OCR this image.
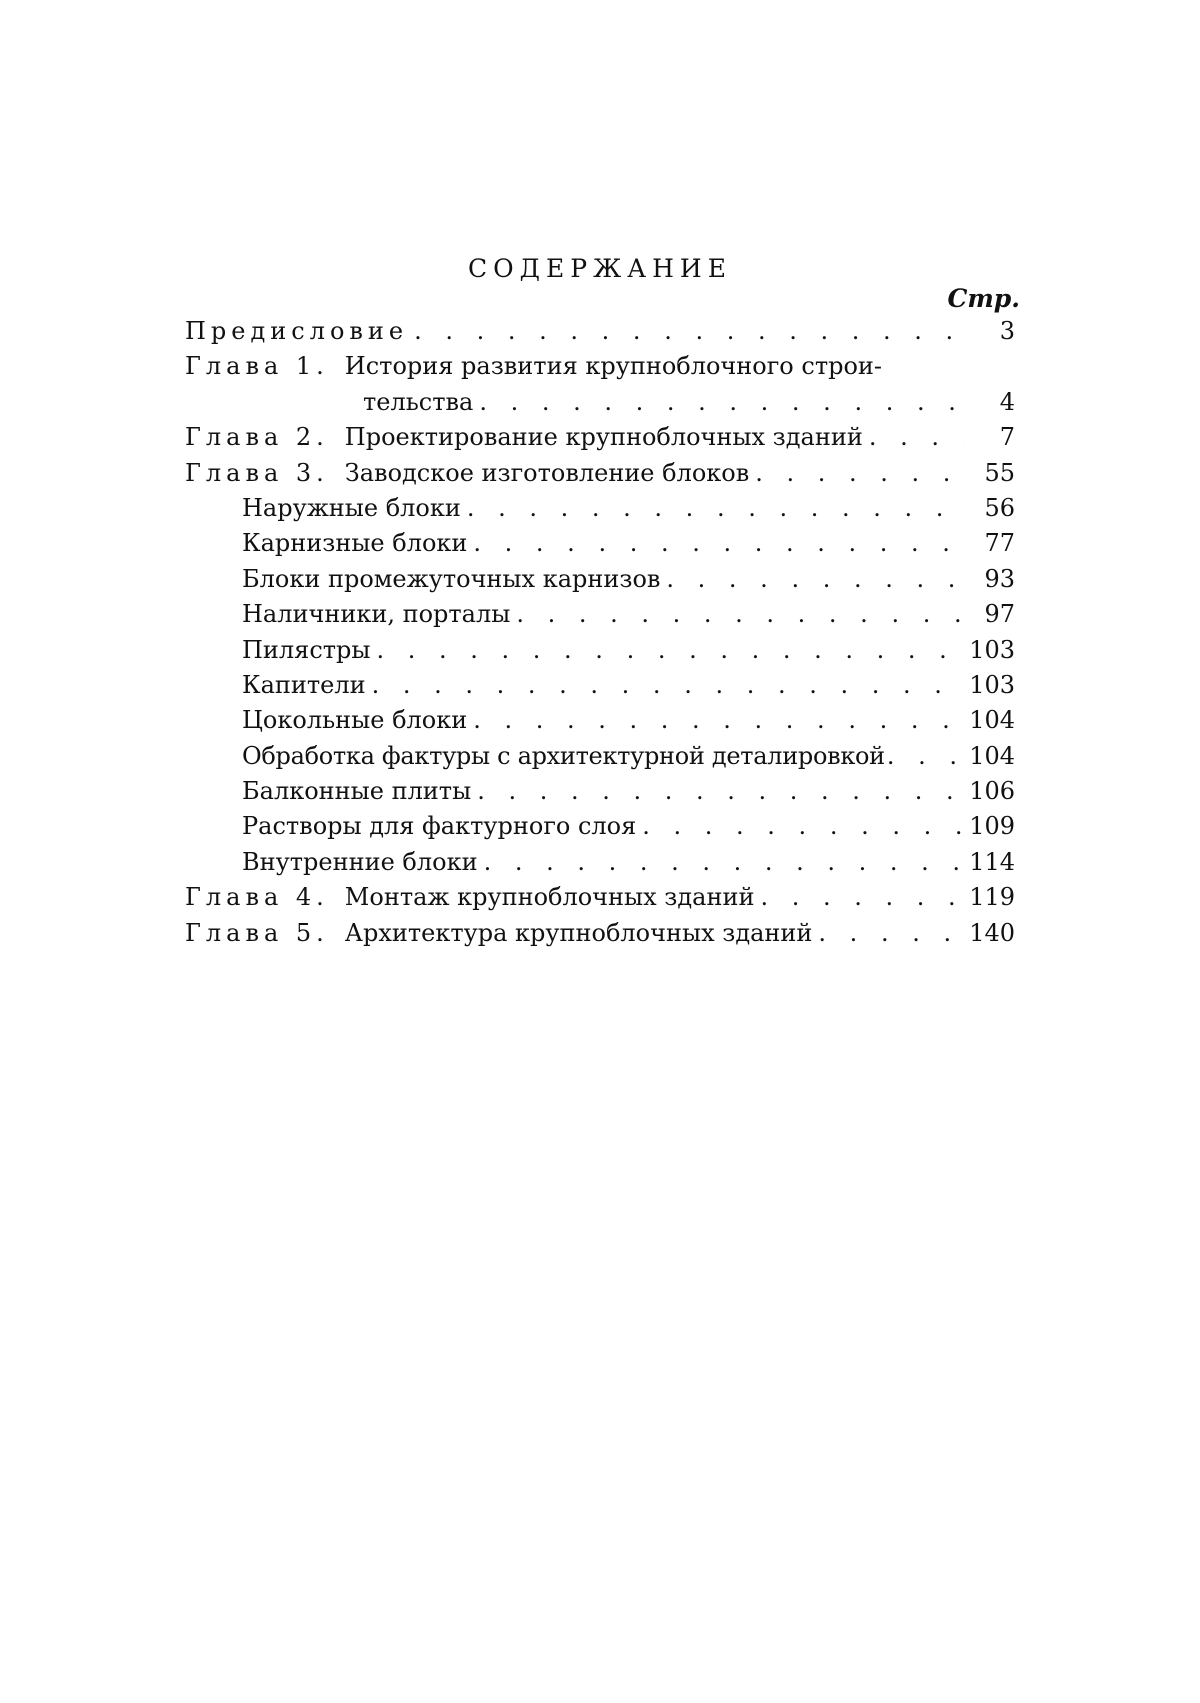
СОДЕРЖАНИЕ
Стр.
Предисловие . . .	3
Глава 1. История развития крупноблочного строи-
тельства . . .	4
Глава 2. Проектирование крупноблочных зданий . . .	7
Глава 3. Заводское изготовление блоков . . .	55
Наружные блоки . . .	56
Карнизные блоки . . .	77
Блоки промежуточных карнизов . . .	93
Наличники, порталы . . .	97
Пилястры . . .	103
Капители . . .	103
Цокольные блоки . . .	104
Обработка фактуры с архитектурной деталировкой . . .	104
Балконные плиты . . .	106
Растворы для фактурного слоя . . .	109
Внутренние блоки . . .	114
Глава 4. Монтаж крупноблочных зданий . . .	119
Глава 5. Архитектура крупноблочных зданий . . .	140
